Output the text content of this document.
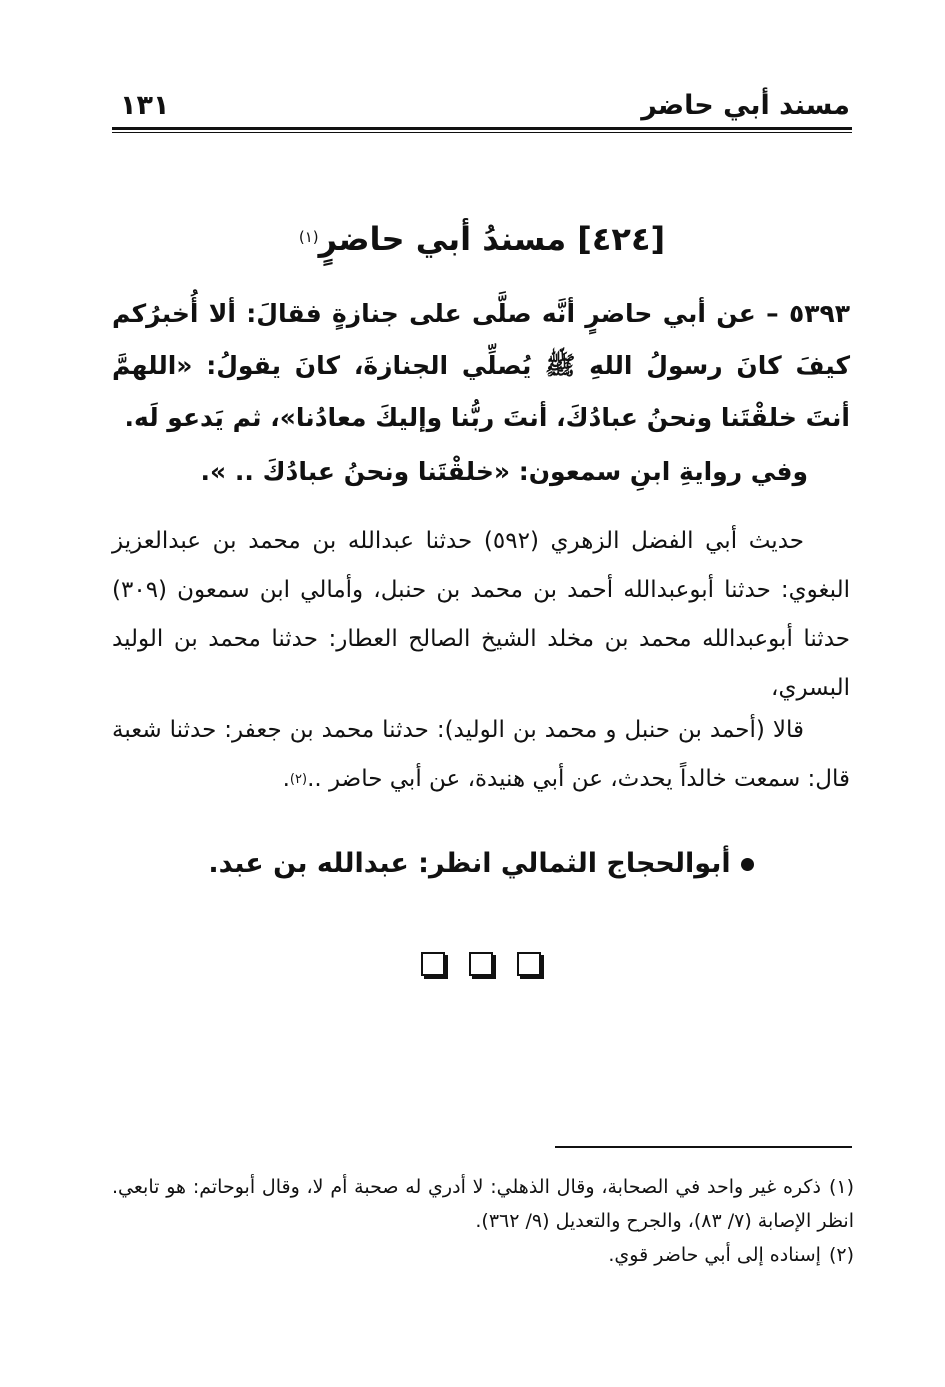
مسند أبي حاضر
١٣١
[٤٢٤] مسندُ أبي حاضرٍ$^{(١)}$
٥٣٩٣ – عن أبي حاضرٍ أنَّه صلَّى على جنازةٍ فقالَ: ألا أُخبرُكم كيفَ كانَ رسولُ اللهِ ﷺ يُصلِّي الجنازةَ، كانَ يقولُ: «اللهمَّ أنتَ خلقْتَنا ونحنُ عبادُكَ، أنتَ ربُّنا وإليكَ معادُنا»، ثم يَدعو لَه.
وفي روايةِ ابنِ سمعون: «خلقْتَنا ونحنُ عبادُكَ .. ».
حديث أبي الفضل الزهري (٥٩٢) حدثنا عبدالله بن محمد بن عبدالعزيز البغوي: حدثنا أبوعبدالله أحمد بن محمد بن حنبل، وأمالي ابن سمعون (٣٠٩) حدثنا أبوعبدالله محمد بن مخلد الشيخ الصالح العطار: حدثنا محمد بن الوليد البسري،
قالا (أحمد بن حنبل و محمد بن الوليد): حدثنا محمد بن جعفر: حدثنا شعبة قال: سمعت خالداً يحدث، عن أبي هنيدة، عن أبي حاضر ..$^{(٢)}$.
أبوالحجاج الثمالي انظر: عبدالله بن عبد.

(١)ذكره غير واحد في الصحابة، وقال الذهلي: لا أدري له صحبة أم لا، وقال أبوحاتم: هو تابعي. انظر الإصابة (٧/ ٨٣)، والجرح والتعديل (٩/ ٣٦٢).

(٢)إسناده إلى أبي حاضر قوي.
